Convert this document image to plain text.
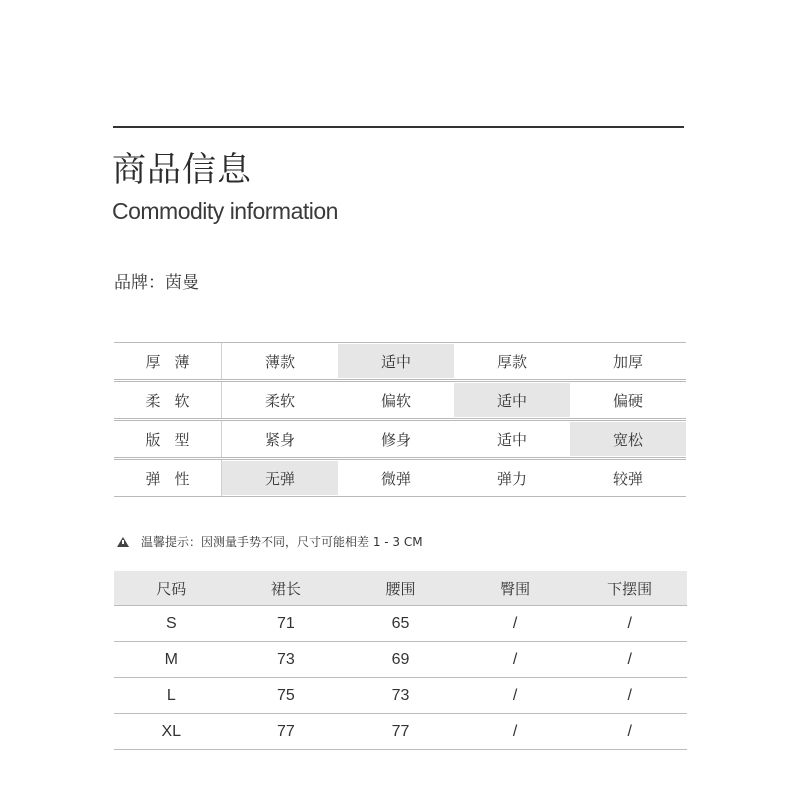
商品信息
Commodity information
品牌：茵曼
厚薄	薄款	适中	厚款	加厚
柔软	柔软	偏软	适中	偏硬
版型	紧身	修身	适中	宽松
弹性	无弹	微弹	弹力	较弹
温馨提示：因测量手势不同，尺寸可能相差 1 - 3 CM
尺码	裙长	腰围	臀围	下摆围
S	71	65	/	/
M	73	69	/	/
L	75	73	/	/
XL	77	77	/	/
